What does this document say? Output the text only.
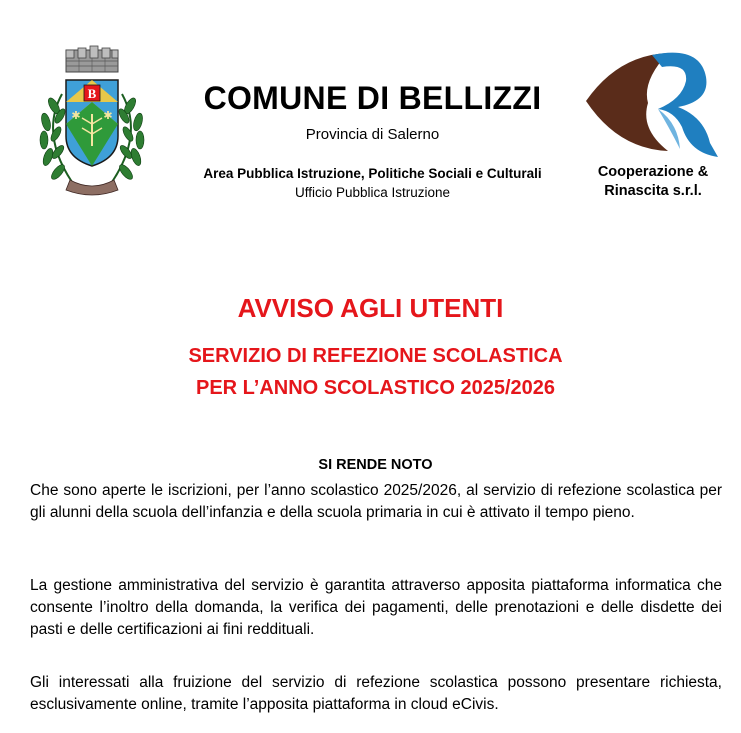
B
✱ ✱	COMUNE DI BELLIZZI
Provincia di Salerno
Area Pubblica Istruzione, Politiche Sociali e Culturali
Ufficio Pubblica Istruzione
Cooperazione &
Rinascita s.r.l.
AVVISO AGLI UTENTI
SERVIZIO DI REFEZIONE SCOLASTICA
PER L’ANNO SCOLASTICO 2025/2026
SI RENDE NOTO
Che sono aperte le iscrizioni, per l’anno scolastico 2025/2026, al servizio di refezione scolastica per gli alunni della scuola dell’infanzia e della scuola primaria in cui è attivato il tempo pieno.
La gestione amministrativa del servizio è garantita attraverso apposita piattaforma informatica che consente l’inoltro della domanda, la verifica dei pagamenti, delle prenotazioni e delle disdette dei pasti e delle certificazioni ai fini reddituali.
Gli interessati alla fruizione del servizio di refezione scolastica possono presentare richiesta, esclusivamente online, tramite l’apposita piattaforma in cloud eCivis.
